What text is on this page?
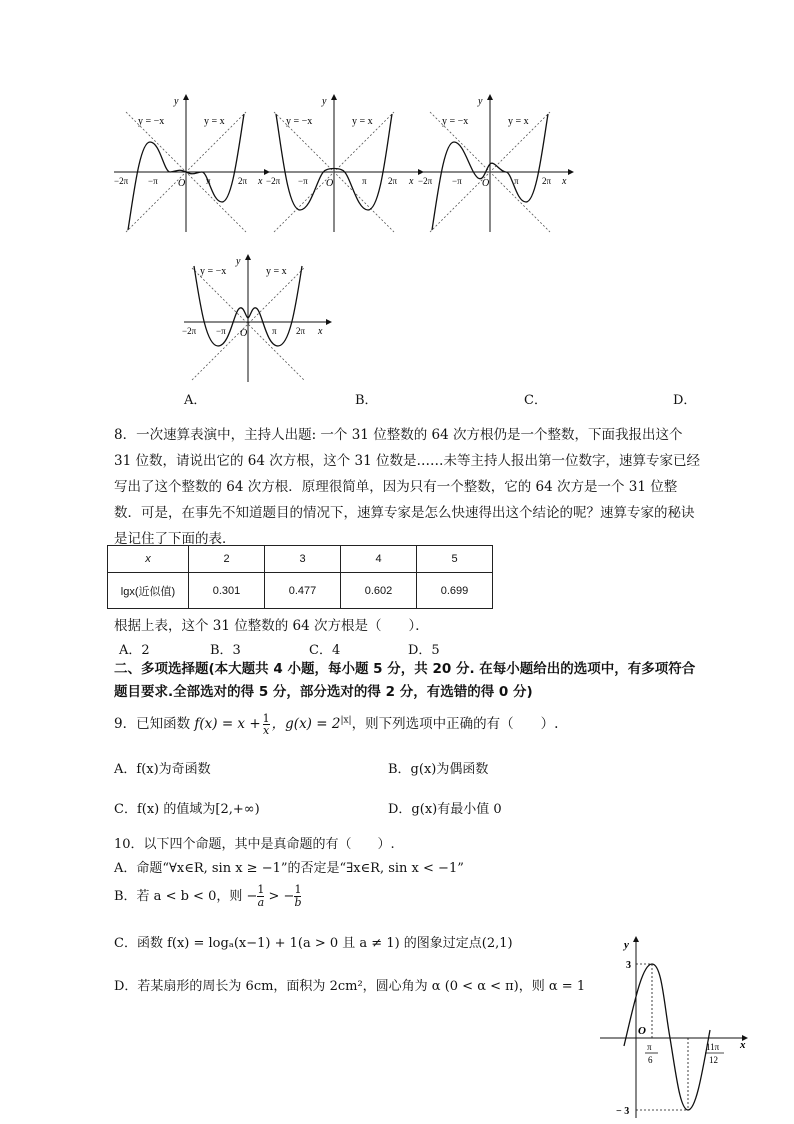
y = −x	y = x
−2π −π O π	2π x
y
y = −x	y = x
−2π −π O	π 2π x
y
y = −x	y = x
−2π −π O	π	2π x
y
y = −x	y = x
−2π −π O	π 2π x
y
A．	B．	C．	D．
8．一次速算表演中，主持人出题: 一个 31 位整数的 64 次方根仍是一个整数，下面我报出这个 31 位数，请说出它的 64 次方根，这个 31 位数是……未等主持人报出第一位数字，速算专家已经写出了这个整数的 64 次方根．原理很简单，因为只有一个整数，它的 64 次方是一个 31 位整数．可是，在事先不知道题目的情况下，速算专家是怎么快速得出这个结论的呢？速算专家的秘诀是记住了下面的表．
x	2	3	4	5
lgx(近似值)	0.301	0.477	0.602	0.699
根据上表，这个 31 位整数的 64 次方根是（　　）．
A．2	B．3	C．4	D．5
二、多项选择题(本大题共 4 小题，每小题 5 分，共 20 分. 在每小题给出的选项中，有多项符合题目要求.全部选对的得 5 分，部分选对的得 2 分，有选错的得 0 分)
9．已知函数 $f(x) = x + \frac{1}{x}$ ，$g(x) = 2^{|x|}$，则下列选项中正确的有（　　）.
A．f(x)为奇函数	B．g(x)为偶函数
C．f(x) 的值域为[2,+∞)	D．g(x)有最小值 0
10．以下四个命题，其中是真命题的有（　　）.
A．命题“∀x∈R, sin x ≥ −1”的否定是“∃x∈R, sin x < −1”
B．若 a < b < 0，则 − $\frac{1}{a}$ > − $\frac{1}{b}$
C．函数 f(x) = logₐ(x−1) + 1(a > 0 且 a ≠ 1) 的图象过定点(2,1)
D．若某扇形的周长为 6cm，面积为 2cm²，圆心角为 α (0 < α < π)，则 α = 1
y
x
3
− 3
O
π
6
11π
12
